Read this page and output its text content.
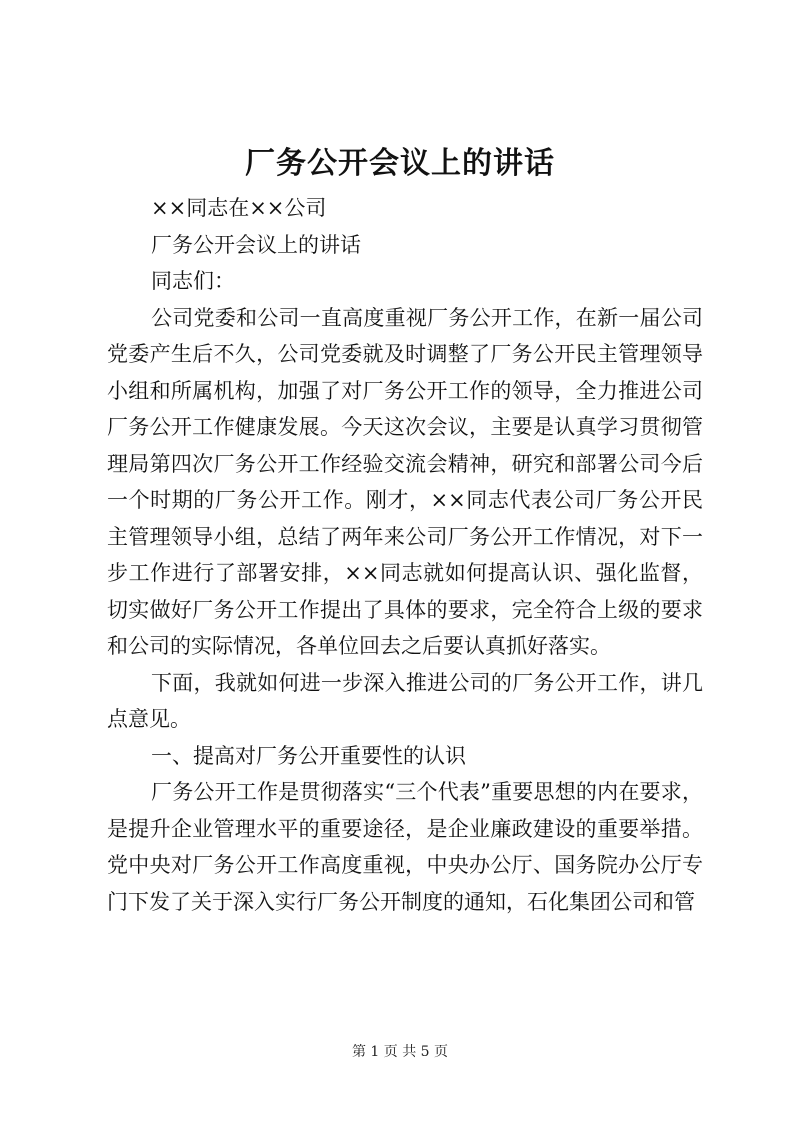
厂务公开会议上的讲话

××同志在××公司

厂务公开会议上的讲话

同志们：

公司党委和公司一直高度重视厂务公开工作，在新一届公司党委产生后不久，公司党委就及时调整了厂务公开民主管理领导小组和所属机构，加强了对厂务公开工作的领导，全力推进公司厂务公开工作健康发展。今天这次会议，主要是认真学习贯彻管理局第四次厂务公开工作经验交流会精神，研究和部署公司今后一个时期的厂务公开工作。刚才，××同志代表公司厂务公开民主管理领导小组，总结了两年来公司厂务公开工作情况，对下一步工作进行了部署安排，××同志就如何提高认识、强化监督，切实做好厂务公开工作提出了具体的要求，完全符合上级的要求和公司的实际情况，各单位回去之后要认真抓好落实。

下面，我就如何进一步深入推进公司的厂务公开工作，讲几点意见。

一、提高对厂务公开重要性的认识

厂务公开工作是贯彻落实“三个代表”重要思想的内在要求，是提升企业管理水平的重要途径，是企业廉政建设的重要举措。党中央对厂务公开工作高度重视，中央办公厅、国务院办公厅专门下发了关于深入实行厂务公开制度的通知，石化集团公司和管

第 1 页 共 5 页
